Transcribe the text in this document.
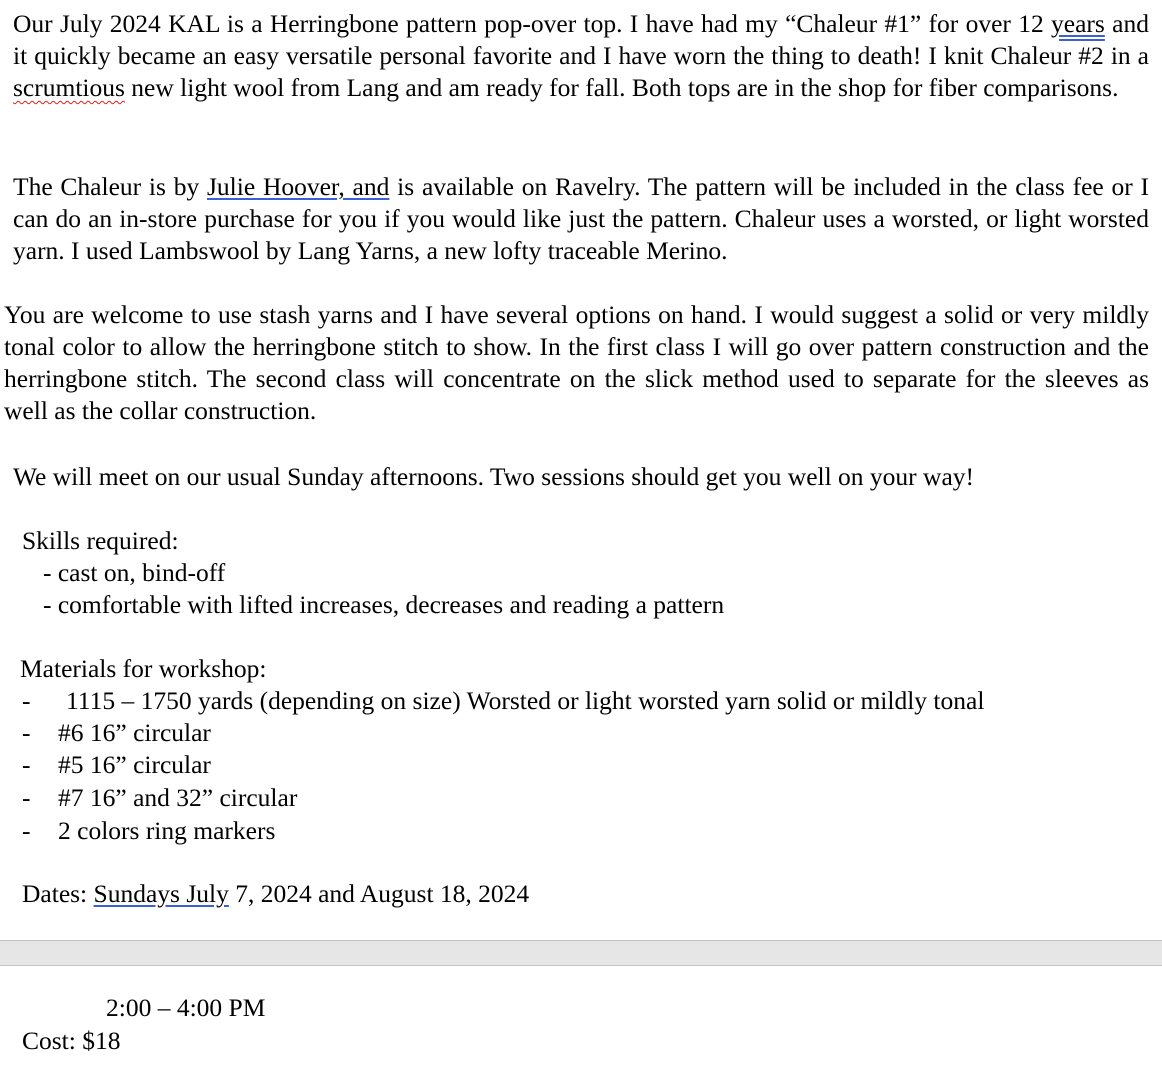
Our July 2024 KAL is a Herringbone pattern pop-over top. I have had my “Chaleur #1” for over 12 years and it quickly became an easy versatile personal favorite and I have worn the thing to death! I knit Chaleur #2 in a scrumtious new light wool from Lang and am ready for fall. Both tops are in the shop for fiber comparisons.

The Chaleur is by Julie Hoover, and is available on Ravelry. The pattern will be included in the class fee or I can do an in-store purchase for you if you would like just the pattern. Chaleur uses a worsted, or light worsted yarn. I used Lambswool by Lang Yarns, a new lofty traceable Merino.

You are welcome to use stash yarns and I have several options on hand. I would suggest a solid or very mildly tonal color to allow the herringbone stitch to show. In the first class I will go over pattern construction and the herringbone stitch. The second class will concentrate on the slick method used to separate for the sleeves as well as the collar construction.

We will meet on our usual Sunday afternoons. Two sessions should get you well on your way!

Skills required:
- cast on, bind-off
- comfortable with lifted increases, decreases and reading a pattern
Materials for workshop:
- 1115 – 1750 yards (depending on size) Worsted or light worsted yarn solid or mildly tonal
- #6 16” circular
- #5 16” circular
- #7 16” and 32” circular
- 2 colors ring markers
Dates: Sundays July 7, 2024 and August 18, 2024
2:00 – 4:00 PM
Cost: $18
